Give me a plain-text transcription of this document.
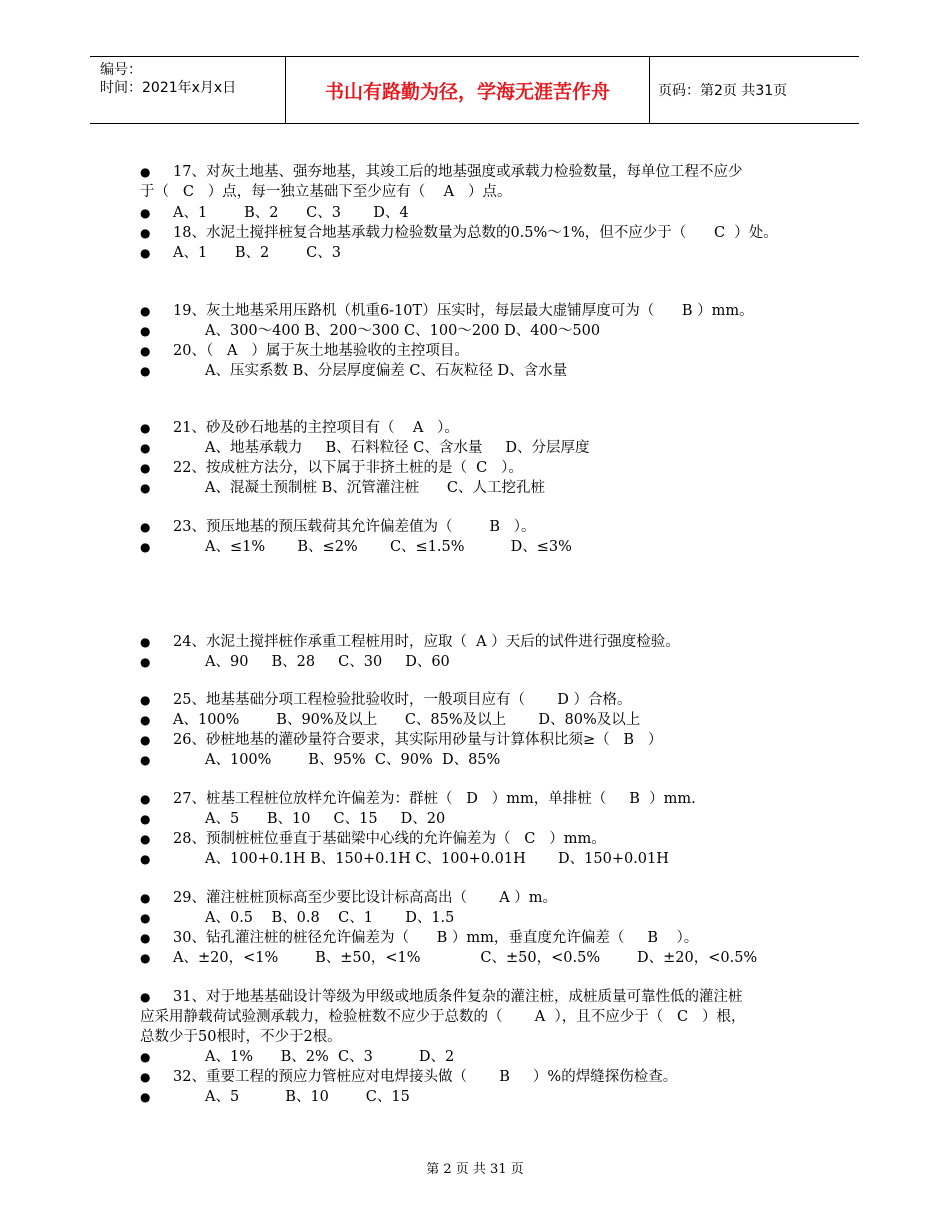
编号：
时间：2021年x月x日	书山有路勤为径，学海无涯苦作舟	页码：第2页 共31页
●	17、对灰土地基、强夯地基，其竣工后的地基强度或承载力检验数量，每单位工程不应少
于（   C   ）点，每一独立基础下至少应有（    A   ）点。
●	A、1        B、2      C、3       D、4
●	18、水泥土搅拌桩复合地基承载力检验数量为总数的0.5%～1%，但不应少于（      C  ）处。
●	A、1      B、2        C、3
●	19、灰土地基采用压路机（机重6-10T）压实时，每层最大虚铺厚度可为（      B ）mm。
●	A、300～400 B、200～300 C、100～200 D、400～500
●	20、（   A   ）属于灰土地基验收的主控项目。
●	A、压实系数 B、分层厚度偏差 C、石灰粒径 D、含水量
●	21、砂及砂石地基的主控项目有（    A   ）。
●	A、地基承载力     B、石料粒径 C、含水量     D、分层厚度
●	22、按成桩方法分，以下属于非挤土桩的是（  C   ）。
●	A、混凝土预制桩 B、沉管灌注桩      C、人工挖孔桩
●	23、预压地基的预压载荷其允许偏差值为（        B   ）。
●	A、≤1%       B、≤2%       C、≤1.5%          D、≤3%
●	24、水泥土搅拌桩作承重工程桩用时，应取（  A ）天后的试件进行强度检验。
●	A、90     B、28     C、30     D、60
●	25、地基基础分项工程检验批验收时，一般项目应有（       D ）合格。
●	A、100%        B、90%及以上      C、85%及以上       D、80%及以上
●	26、砂桩地基的灌砂量符合要求，其实际用砂量与计算体积比须≥（   B   ）
●	A、100%        B、95%  C、90%  D、85%
●	27、桩基工程桩位放样允许偏差为：群桩（   D   ）mm，单排桩（     B  ）mm.
●	A、5      B、10     C、15     D、20
●	28、预制桩桩位垂直于基础梁中心线的允许偏差为（   C   ）mm。
●	A、100+0.1H B、150+0.1H C、100+0.01H       D、150+0.01H
●	29、灌注桩桩顶标高至少要比设计标高高出（       A ）m。
●	A、0.5    B、0.8    C、1       D、1.5
●	30、钻孔灌注桩的桩径允许偏差为（      B ）mm，垂直度允许偏差（     B    ）。
●	A、±20，<1%        B、±50，<1%             C、±50，<0.5%        D、±20，<0.5%
●	31、对于地基基础设计等级为甲级或地质条件复杂的灌注桩，成桩质量可靠性低的灌注桩
应采用静载荷试验测承载力，检验桩数不应少于总数的（       A  ），且不应少于（   C   ）根，
总数少于50根时，不少于2根。
●	A、1%      B、2%  C、3          D、2
●	32、重要工程的预应力管桩应对电焊接头做（       B     ）%的焊缝探伤检查。
●	A、5          B、10        C、15
第 2 页 共 31 页
